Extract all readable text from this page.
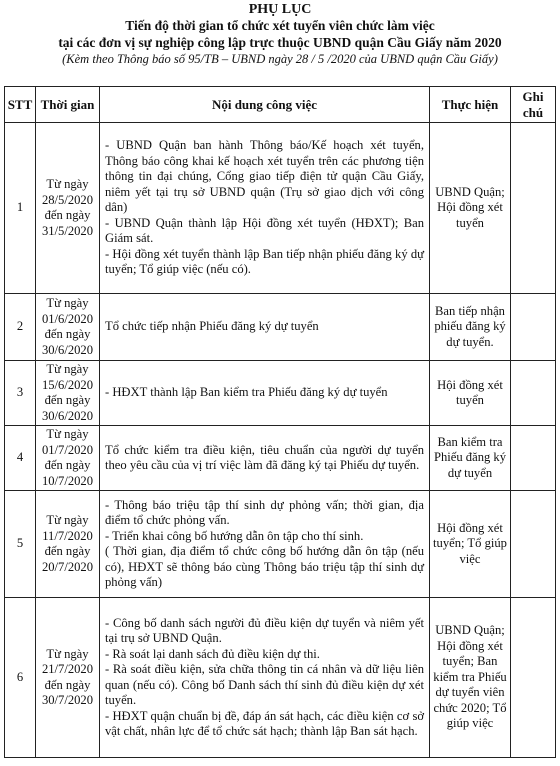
PHỤ LỤC
Tiến độ thời gian tổ chức xét tuyển viên chức làm việc
tại các đơn vị sự nghiệp công lập trực thuộc UBND quận Cầu Giấy năm 2020
(Kèm theo Thông báo số 95/TB – UBND ngày 28 / 5 /2020 của UBND quận Cầu Giấy)
STT	Thời gian	Nội dung công việc	Thực hiện	Ghi chú
1	Từ ngày 28/5/2020 đến ngày 31/5/2020	- UBND Quận ban hành Thông báo/Kế hoạch xét tuyển, Thông báo công khai kế hoạch xét tuyển trên các phương tiện thông tin đại chúng, Cổng giao tiếp điện tử quận Cầu Giấy, niêm yết tại trụ sở UBND quận (Trụ sở giao dịch với công dân)
- UBND Quận thành lập Hội đồng xét tuyển (HĐXT); Ban Giám sát.
- Hội đồng xét tuyển thành lập Ban tiếp nhận phiếu đăng ký dự tuyển; Tổ giúp việc (nếu có).	UBND Quận; Hội đồng xét tuyển	
2	Từ ngày 01/6/2020 đến ngày 30/6/2020	Tổ chức tiếp nhận Phiếu đăng ký dự tuyển	Ban tiếp nhận phiếu đăng ký dự tuyển.	
3	Từ ngày 15/6/2020 đến ngày 30/6/2020	- HĐXT thành lập Ban kiểm tra Phiếu đăng ký dự tuyển	Hội đồng xét tuyển	
4	Từ ngày 01/7/2020 đến ngày 10/7/2020	Tổ chức kiểm tra điều kiện, tiêu chuẩn của người dự tuyển theo yêu cầu của vị trí việc làm đã đăng ký tại Phiếu dự tuyển.	Ban kiểm tra Phiếu đăng ký dự tuyển	
5	Từ ngày 11/7/2020 đến ngày 20/7/2020	- Thông báo triệu tập thí sinh dự phỏng vấn; thời gian, địa điểm tổ chức phỏng vấn.
- Triển khai công bố hướng dẫn ôn tập cho thí sinh.
( Thời gian, địa điểm tổ chức công bố hướng dẫn ôn tập (nếu có), HĐXT sẽ thông báo cùng Thông báo triệu tập thí sinh dự phỏng vấn)	Hội đồng xét tuyển; Tổ giúp việc	
6	Từ ngày 21/7/2020 đến ngày 30/7/2020	- Công bố danh sách người đủ điều kiện dự tuyển và niêm yết tại trụ sở UBND Quận.
- Rà soát lại danh sách đủ điều kiện dự thi.
- Rà soát điều kiện, sửa chữa thông tin cá nhân và dữ liệu liên quan (nếu có). Công bố Danh sách thí sinh đủ điều kiện dự xét tuyển.
- HĐXT quận chuẩn bị đề, đáp án sát hạch, các điều kiện cơ sở vật chất, nhân lực để tổ chức sát hạch; thành lập Ban sát hạch.	UBND Quận; Hội đồng xét tuyển; Ban kiểm tra Phiếu dự tuyển viên chức 2020; Tổ giúp việc	
